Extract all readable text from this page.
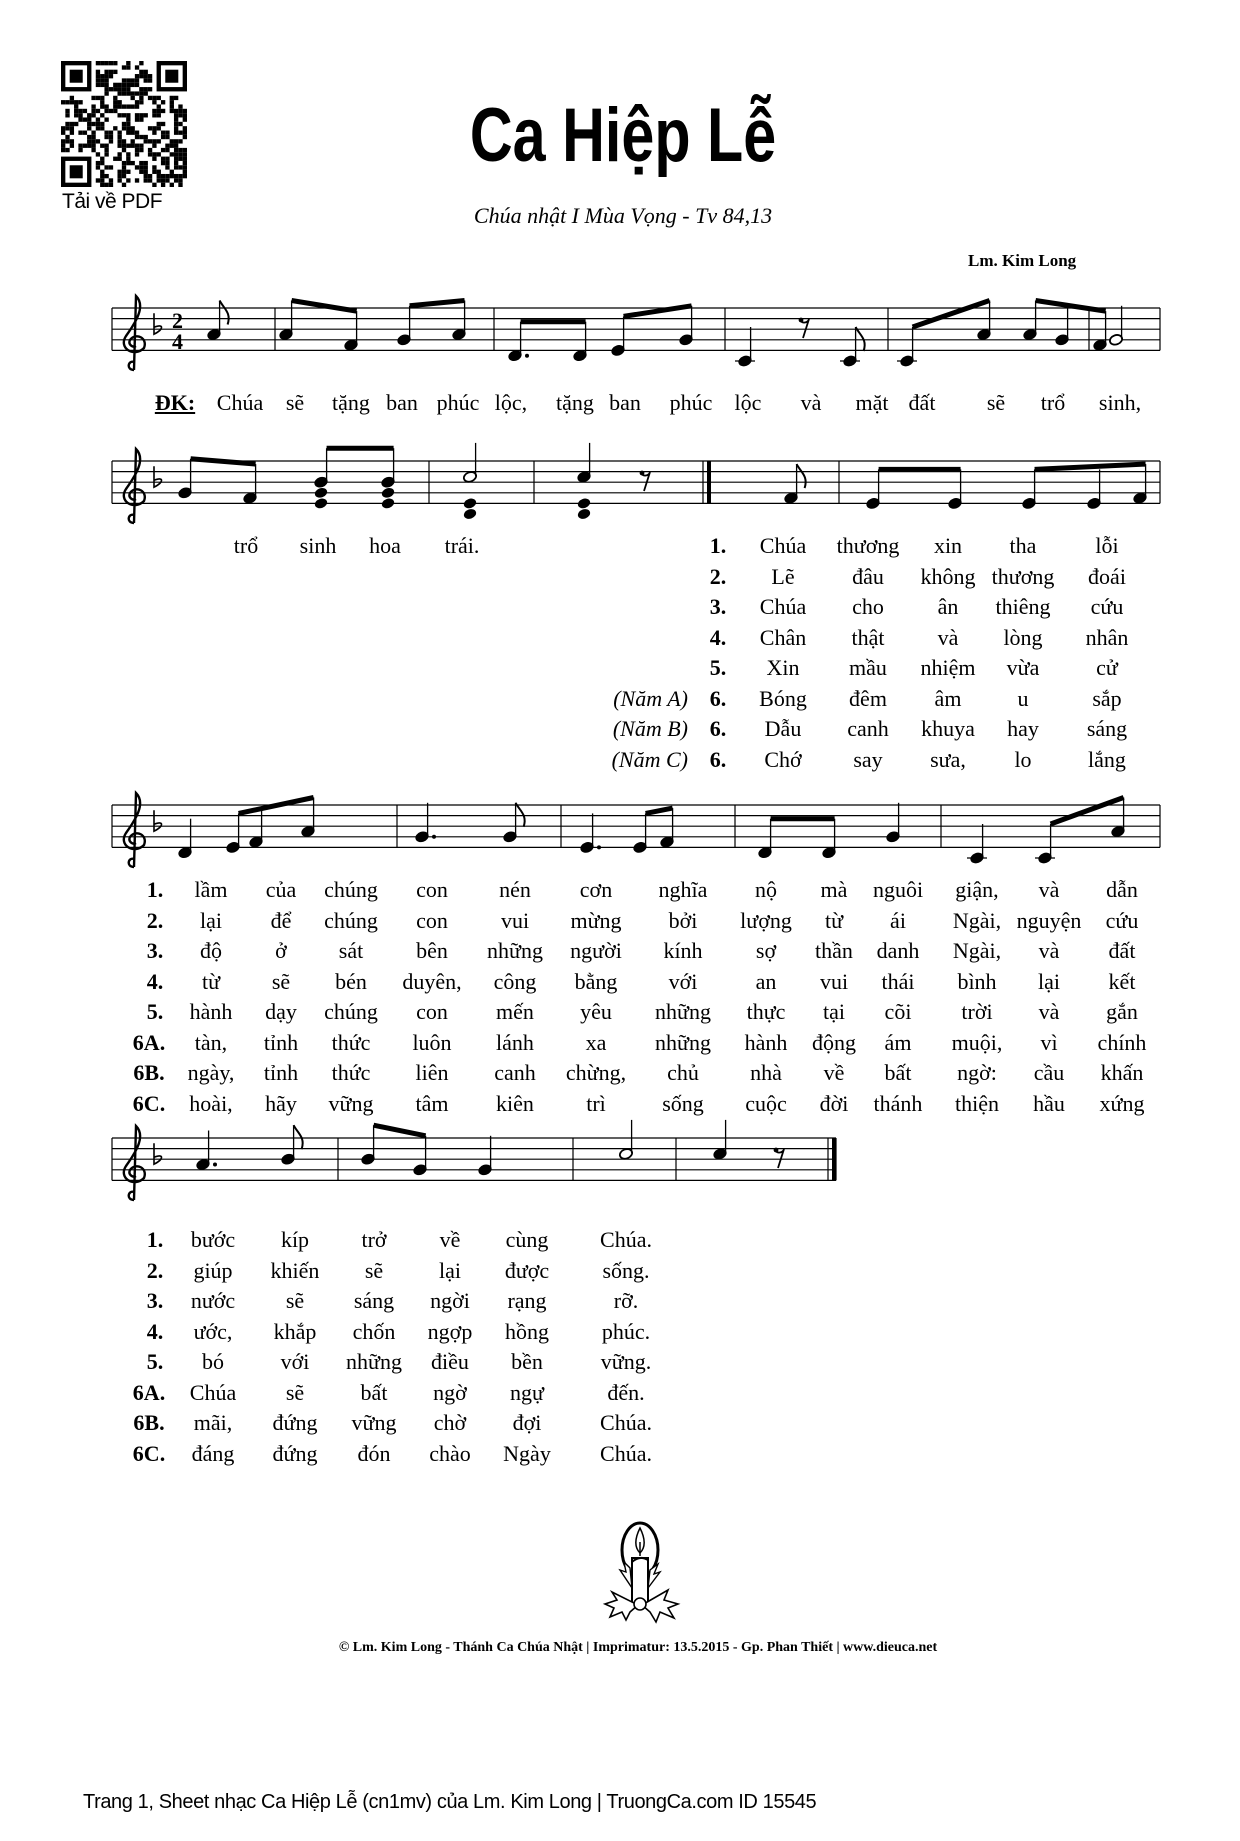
Tải về PDF
Ca Hiệp Lễ
Chúa nhật I Mùa Vọng - Tv 84,13
Lm. Kim Long
2
4
ĐK: Chúa sẽ tặng ban phúc lộc, tặng ban phúc lộc và mặt đất sẽ trổ sinh,
trổ sinh hoa trái.	1. Chúa thương xin tha	lỗi
2. Lẽ	đâu không thương đoái
3. Chúa cho ân thiêng cứu
4. Chân thật và lòng nhân
5. Xin mầu nhiệm vừa	cử
(Năm A) 6. Bóng đêm âm	u	sắp
(Năm B) 6. Dẫu canh khuya hay sáng
(Năm C) 6. Chớ say sưa, lo	lắng
1. lầm của chúng con nén cơn nghĩa nộ mà nguôi giận, và dẫn
2. lại để chúng con vui mừng bởi lượng từ ái Ngài, nguyện cứu
3. độ ở sát bên những người kính sợ thần danh Ngài, và đất
4. từ sẽ bén duyên, công bằng với	an vui thái bình lại kết
5. hành dạy chúng con mến yêu những thực tại cõi trời và gắn
6A. tàn, tỉnh thức luôn lánh xa những hành động ám muội, vì chính
6B. ngày, tỉnh thức liên canh chừng, chủ nhà về bất ngờ: cầu khấn
6C. hoài, hãy vững tâm kiên trì	sống cuộc đời thánh thiện hầu xứng
1. bước kíp trở về cùng Chúa.
2. giúp khiến sẽ	lại được sống.
3. nước sẽ sáng ngời rạng	rỡ.
4. ước, khắp chốn ngợp hồng phúc.
5. bó	với những điều bền	vững.
6A. Chúa sẽ	bất ngờ ngự	đến.
6B. mãi, đứng vững chờ đợi	Chúa.
6C. đáng đứng đón chào Ngày Chúa.
© Lm. Kim Long - Thánh Ca Chúa Nhật | Imprimatur: 13.5.2015 - Gp. Phan Thiết | www.dieuca.net
Trang 1, Sheet nhạc Ca Hiệp Lễ (cn1mv) của Lm. Kim Long | TruongCa.com ID 15545
